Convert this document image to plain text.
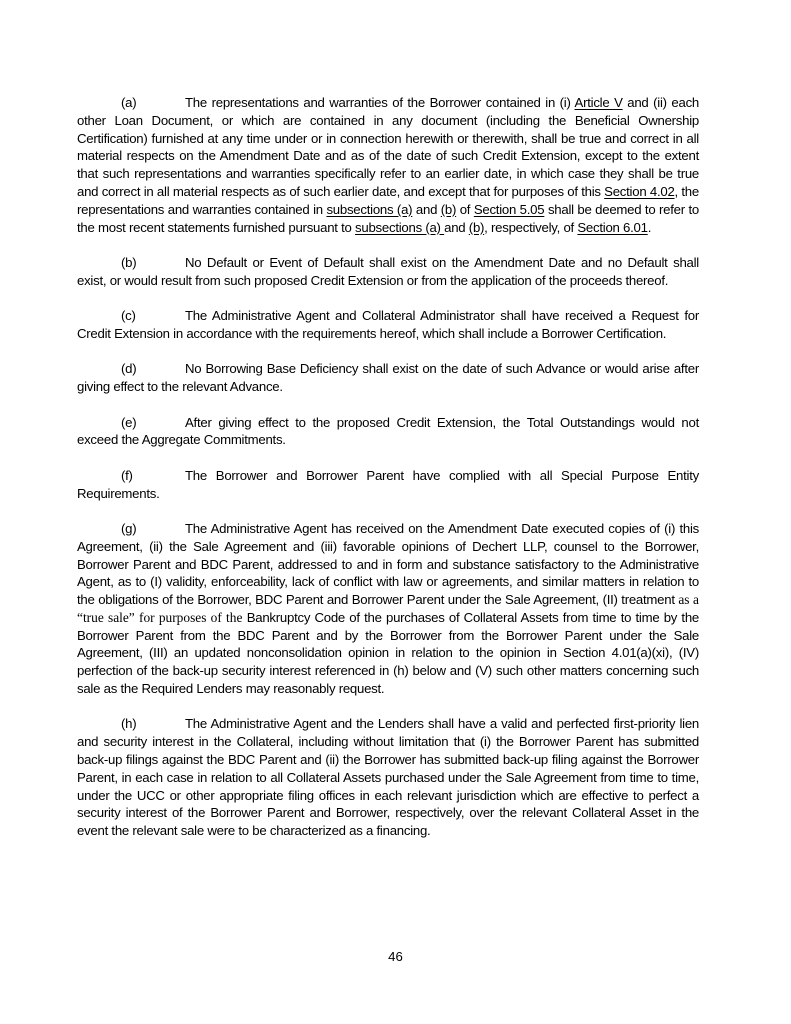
(a)	The representations and warranties of the Borrower contained in (i) Article V and (ii) each other Loan Document, or which are contained in any document (including the Beneficial Ownership Certification) furnished at any time under or in connection herewith or therewith, shall be true and correct in all material respects on the Amendment Date and as of the date of such Credit Extension, except to the extent that such representations and warranties specifically refer to an earlier date, in which case they shall be true and correct in all material respects as of such earlier date, and except that for purposes of this Section 4.02, the representations and warranties contained in subsections (a) and (b) of Section 5.05 shall be deemed to refer to the most recent statements furnished pursuant to subsections (a) and (b), respectively, of Section 6.01.

(b)	No Default or Event of Default shall exist on the Amendment Date and no Default shall exist, or would result from such proposed Credit Extension or from the application of the proceeds thereof.

(c)	The Administrative Agent and Collateral Administrator shall have received a Request for Credit Extension in accordance with the requirements hereof, which shall include a Borrower Certification.

(d)	No Borrowing Base Deficiency shall exist on the date of such Advance or would arise after giving effect to the relevant Advance.

(e)	After giving effect to the proposed Credit Extension, the Total Outstandings would not exceed the Aggregate Commitments.

(f)	The Borrower and Borrower Parent have complied with all Special Purpose Entity Requirements.

(g)	The Administrative Agent has received on the Amendment Date executed copies of (i) this Agreement, (ii) the Sale Agreement and (iii) favorable opinions of Dechert LLP, counsel to the Borrower, Borrower Parent and BDC Parent, addressed to and in form and substance satisfactory to the Administrative Agent, as to (I) validity, enforceability, lack of conflict with law or agreements, and similar matters in relation to the obligations of the Borrower, BDC Parent and Borrower Parent under the Sale Agreement, (II) treatment as a “true sale” for purposes of the Bankruptcy Code of the purchases of Collateral Assets from time to time by the Borrower Parent from the BDC Parent and by the Borrower from the Borrower Parent under the Sale Agreement, (III) an updated nonconsolidation opinion in relation to the opinion in Section 4.01(a)(xi), (IV) perfection of the back-up security interest referenced in (h) below and (V) such other matters concerning such sale as the Required Lenders may reasonably request.

(h)	The Administrative Agent and the Lenders shall have a valid and perfected first-priority lien and security interest in the Collateral, including without limitation that (i) the Borrower Parent has submitted back-up filings against the BDC Parent and (ii) the Borrower has submitted back-up filing against the Borrower Parent, in each case in relation to all Collateral Assets purchased under the Sale Agreement from time to time, under the UCC or other appropriate filing offices in each relevant jurisdiction which are effective to perfect a security interest of the Borrower Parent and Borrower, respectively, over the relevant Collateral Asset in the event the relevant sale were to be characterized as a financing.

46
